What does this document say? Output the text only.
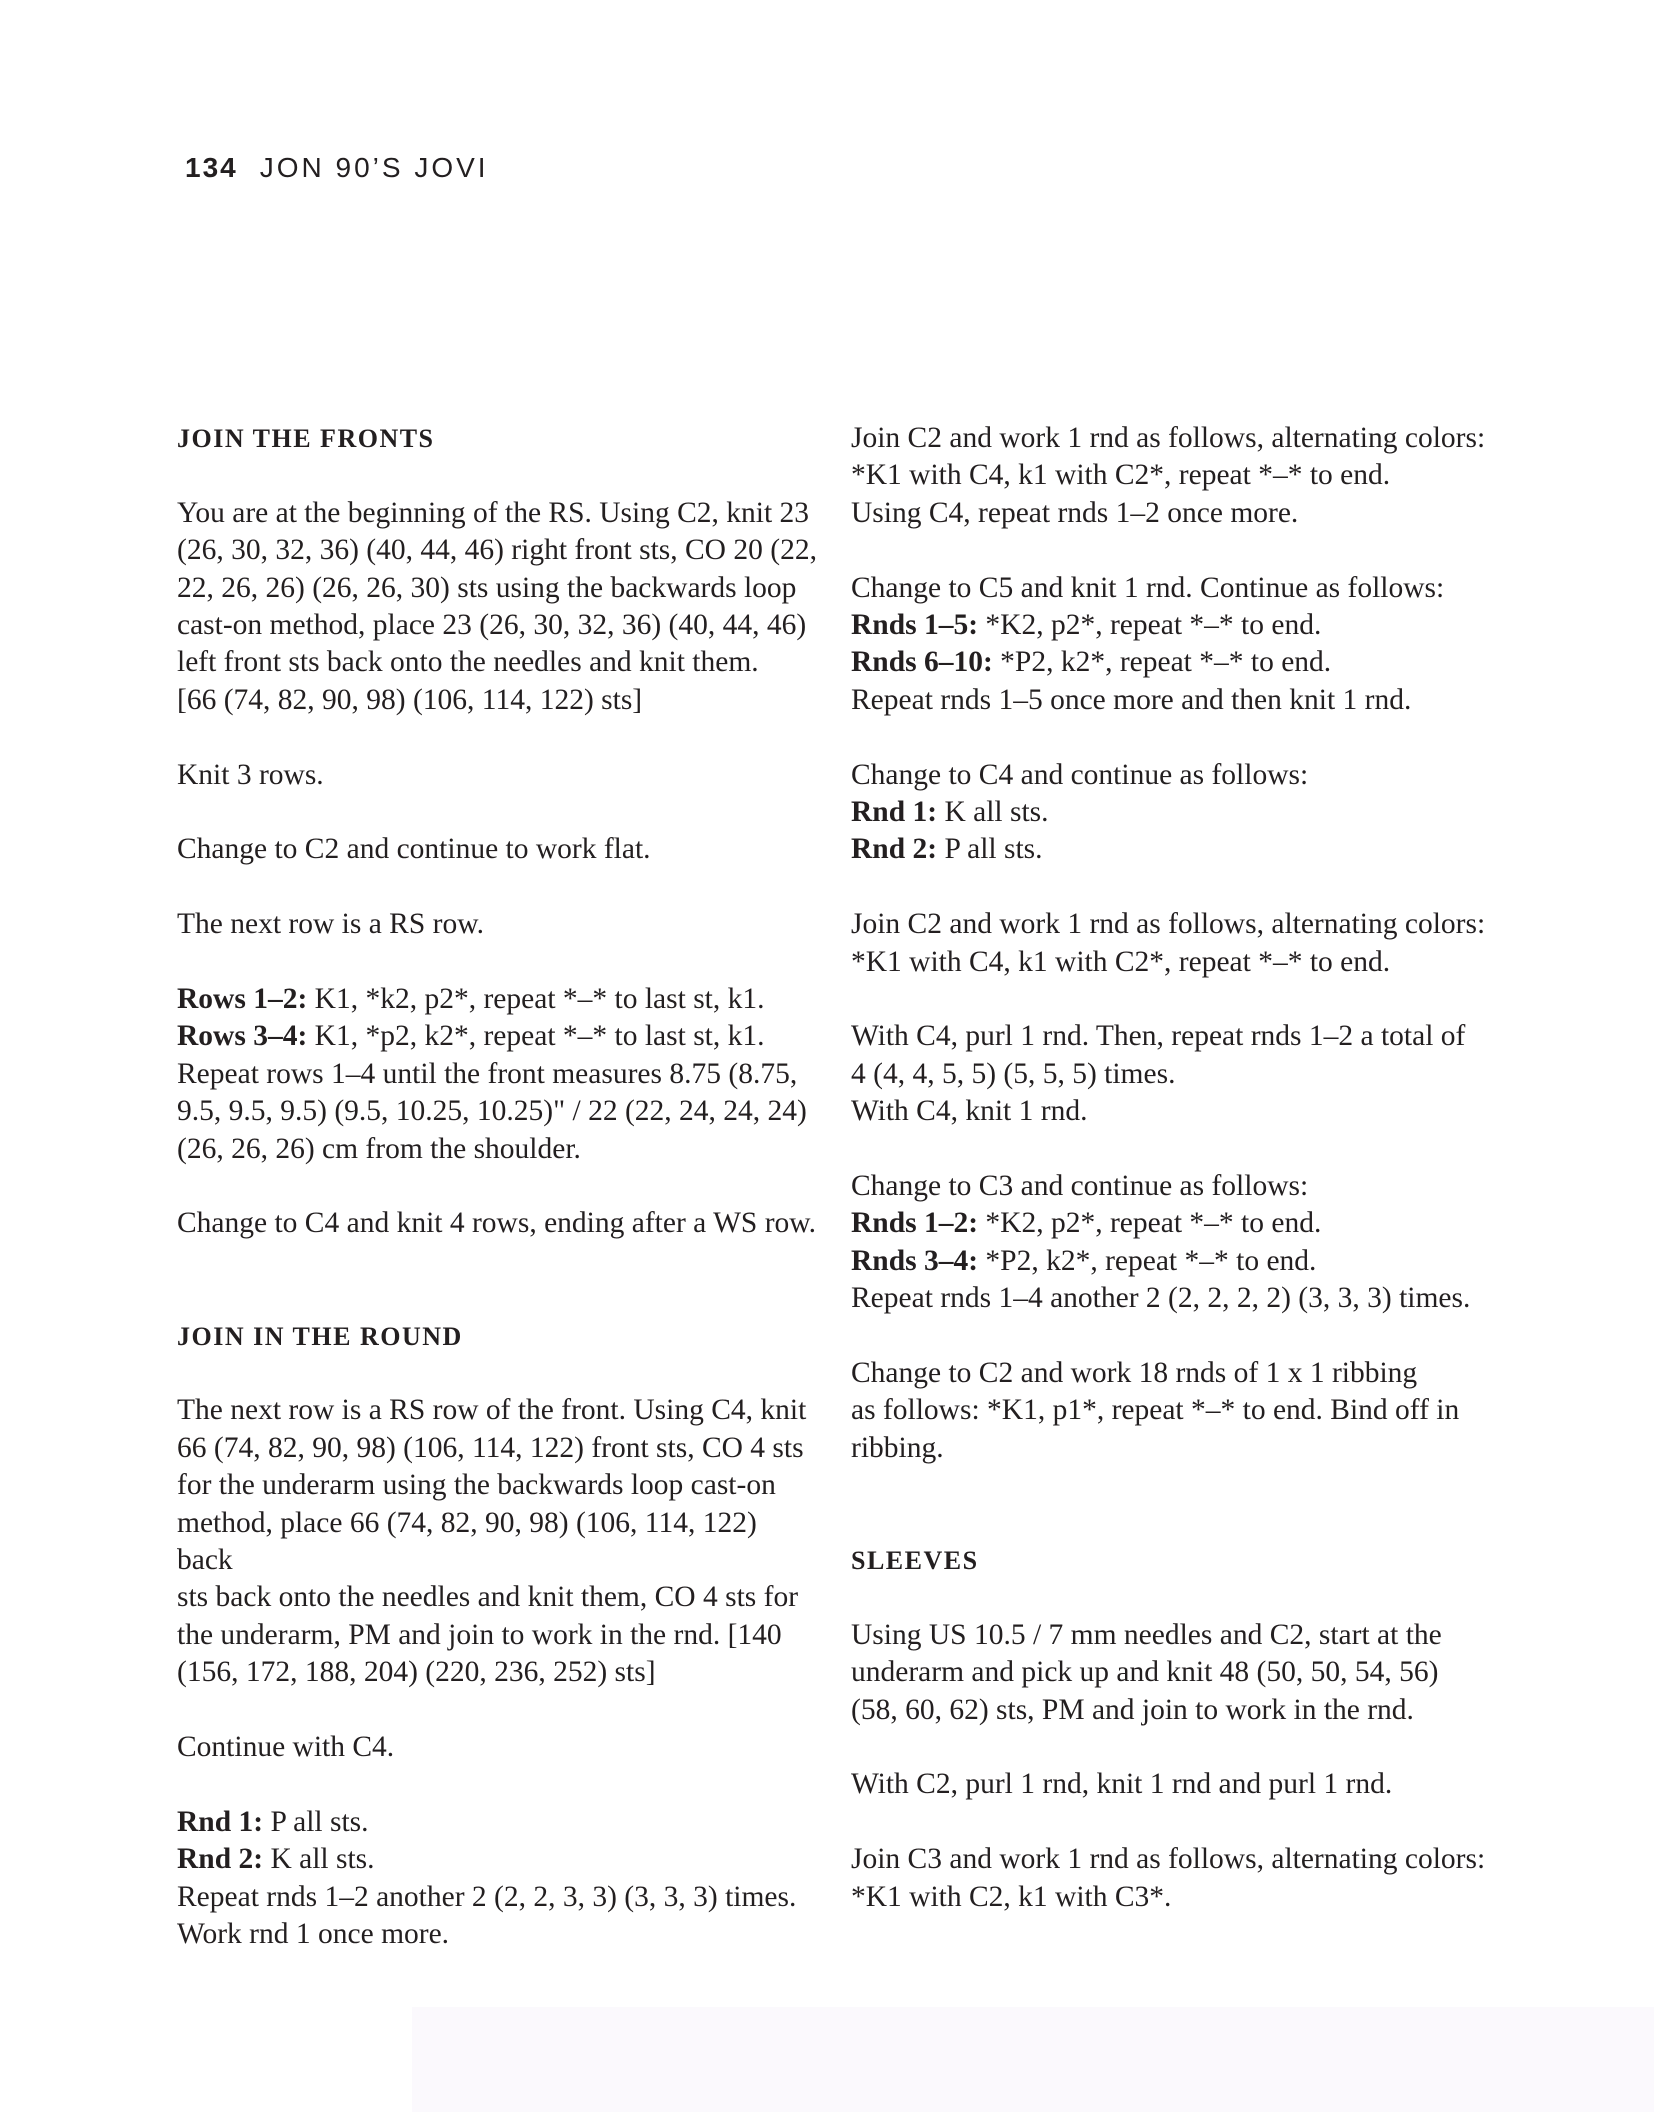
134 JON 90’S JOVI
JOIN THE FRONTS

You are at the beginning of the RS. Using C2, knit 23
(26, 30, 32, 36) (40, 44, 46) right front sts, CO 20 (22,
22, 26, 26) (26, 26, 30) sts using the backwards loop
cast-on method, place 23 (26, 30, 32, 36) (40, 44, 46)
left front sts back onto the needles and knit them.
[66 (74, 82, 90, 98) (106, 114, 122) sts]

Knit 3 rows.

Change to C2 and continue to work flat.

The next row is a RS row.

Rows 1–2: K1, *k2, p2*, repeat *–* to last st, k1.
Rows 3–4: K1, *p2, k2*, repeat *–* to last st, k1.
Repeat rows 1–4 until the front measures 8.75 (8.75,
9.5, 9.5, 9.5) (9.5, 10.25, 10.25)" / 22 (22, 24, 24, 24)
(26, 26, 26) cm from the shoulder.

Change to C4 and knit 4 rows, ending after a WS row.

JOIN IN THE ROUND

The next row is a RS row of the front. Using C4, knit
66 (74, 82, 90, 98) (106, 114, 122) front sts, CO 4 sts
for the underarm using the backwards loop cast-on
method, place 66 (74, 82, 90, 98) (106, 114, 122) back
sts back onto the needles and knit them, CO 4 sts for
the underarm, PM and join to work in the rnd. [140
(156, 172, 188, 204) (220, 236, 252) sts]

Continue with C4.

Rnd 1: P all sts.
Rnd 2: K all sts.
Repeat rnds 1–2 another 2 (2, 2, 3, 3) (3, 3, 3) times.
Work rnd 1 once more.

Join C2 and work 1 rnd as follows, alternating colors:
*K1 with C4, k1 with C2*, repeat *–* to end.
Using C4, repeat rnds 1–2 once more.

Change to C5 and knit 1 rnd. Continue as follows:
Rnds 1–5: *K2, p2*, repeat *–* to end.
Rnds 6–10: *P2, k2*, repeat *–* to end.
Repeat rnds 1–5 once more and then knit 1 rnd.

Change to C4 and continue as follows:
Rnd 1: K all sts.
Rnd 2: P all sts.

Join C2 and work 1 rnd as follows, alternating colors:
*K1 with C4, k1 with C2*, repeat *–* to end.

With C4, purl 1 rnd. Then, repeat rnds 1–2 a total of
4 (4, 4, 5, 5) (5, 5, 5) times.
With C4, knit 1 rnd.

Change to C3 and continue as follows:
Rnds 1–2: *K2, p2*, repeat *–* to end.
Rnds 3–4: *P2, k2*, repeat *–* to end.
Repeat rnds 1–4 another 2 (2, 2, 2, 2) (3, 3, 3) times.

Change to C2 and work 18 rnds of 1 x 1 ribbing
as follows: *K1, p1*, repeat *–* to end. Bind off in
ribbing.

SLEEVES

Using US 10.5 / 7 mm needles and C2, start at the
underarm and pick up and knit 48 (50, 50, 54, 56)
(58, 60, 62) sts, PM and join to work in the rnd.

With C2, purl 1 rnd, knit 1 rnd and purl 1 rnd.

Join C3 and work 1 rnd as follows, alternating colors:
*K1 with C2, k1 with C3*.
